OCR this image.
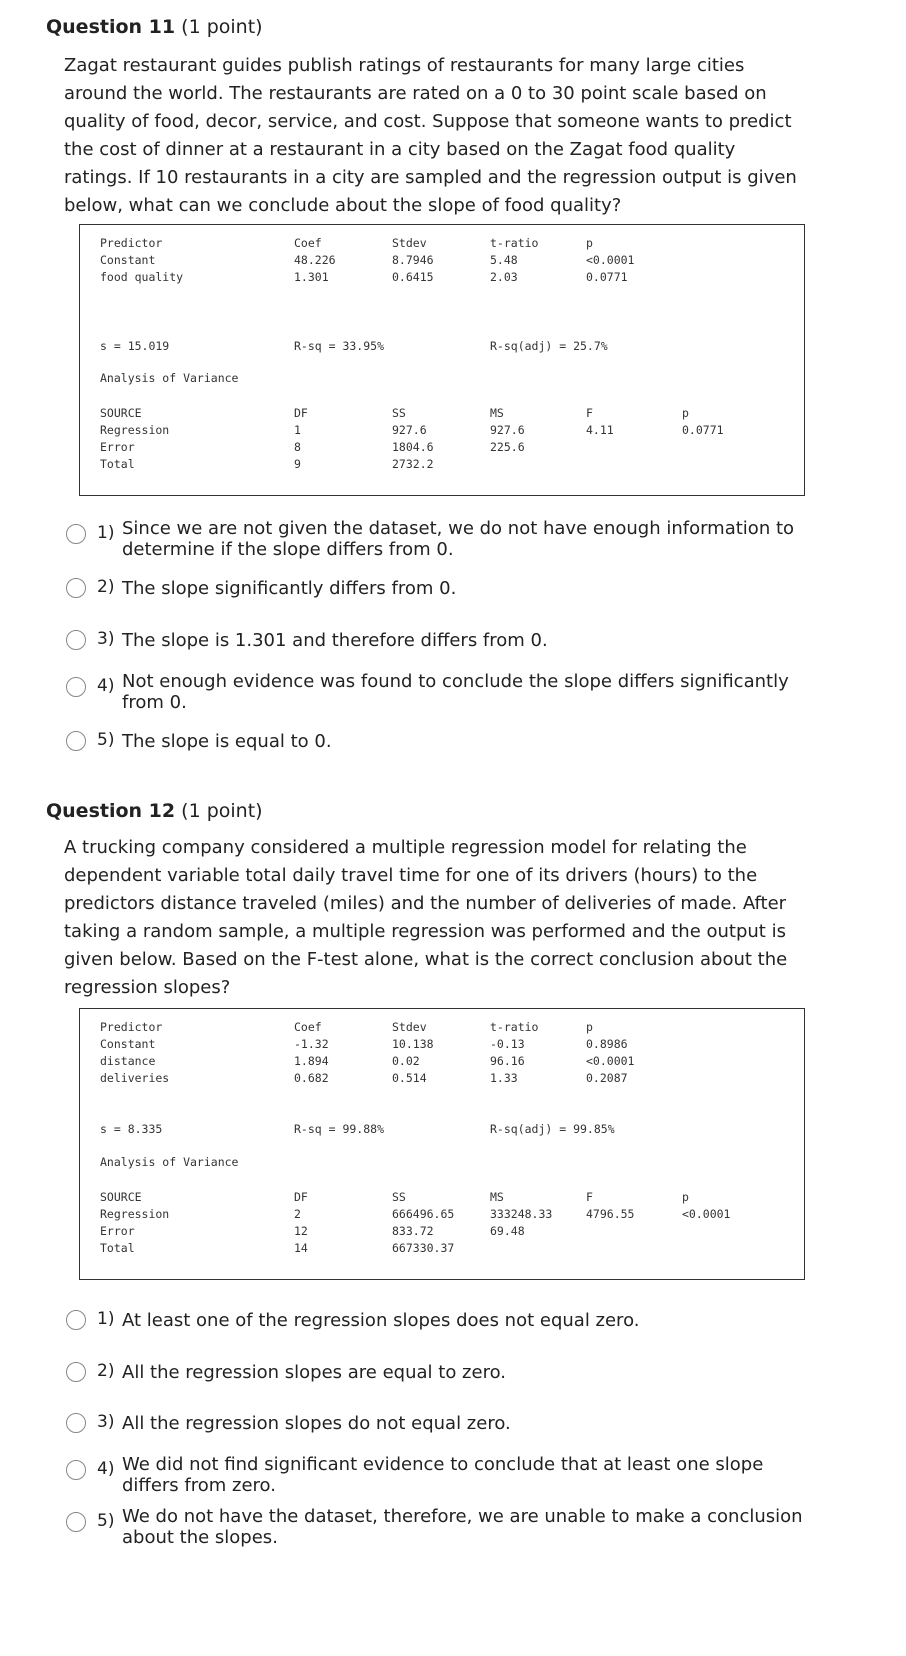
Question 11 (1 point)
Zagat restaurant guides publish ratings of restaurants for many large cities around the world. The restaurants are rated on a 0 to 30 point scale based on quality of food, decor, service, and cost. Suppose that someone wants to predict the cost of dinner at a restaurant in a city based on the Zagat food quality ratings. If 10 restaurants in a city are sampled and the regression output is given below, what can we conclude about the slope of food quality?
Predictor	Coef	Stdev	t-ratio	p
Constant	48.226	8.7946	5.48	<0.0001
food quality	1.301	0.6415	2.03	0.0771
s = 15.019	R-sq = 33.95%	R-sq(adj) = 25.7%
Analysis of Variance
SOURCE	DF	SS	MS	F	p
Regression	1	927.6	927.6	4.11	0.0771
Error	8	1804.6	225.6
Total	9	2732.2
1) Since we are not given the dataset, we do not have enough information to determine if the slope differs from 0.
2) The slope significantly differs from 0.
3) The slope is 1.301 and therefore differs from 0.
4) Not enough evidence was found to conclude the slope differs significantly from 0.
5) The slope is equal to 0.
Question 12 (1 point)
A trucking company considered a multiple regression model for relating the dependent variable total daily travel time for one of its drivers (hours) to the predictors distance traveled (miles) and the number of deliveries of made. After taking a random sample, a multiple regression was performed and the output is given below. Based on the F-test alone, what is the correct conclusion about the regression slopes?
Predictor	Coef	Stdev	t-ratio	p
Constant	-1.32	10.138	-0.13	0.8986
distance	1.894	0.02	96.16	<0.0001
deliveries	0.682	0.514	1.33	0.2087
s = 8.335	R-sq = 99.88%	R-sq(adj) = 99.85%
Analysis of Variance
SOURCE	DF	SS	MS	F	p
Regression	2	666496.65	333248.33	4796.55	<0.0001
Error	12	833.72	69.48
Total	14	667330.37
1) At least one of the regression slopes does not equal zero.
2) All the regression slopes are equal to zero.
3) All the regression slopes do not equal zero.
4) We did not find significant evidence to conclude that at least one slope differs from zero.
5) We do not have the dataset, therefore, we are unable to make a conclusion about the slopes.
